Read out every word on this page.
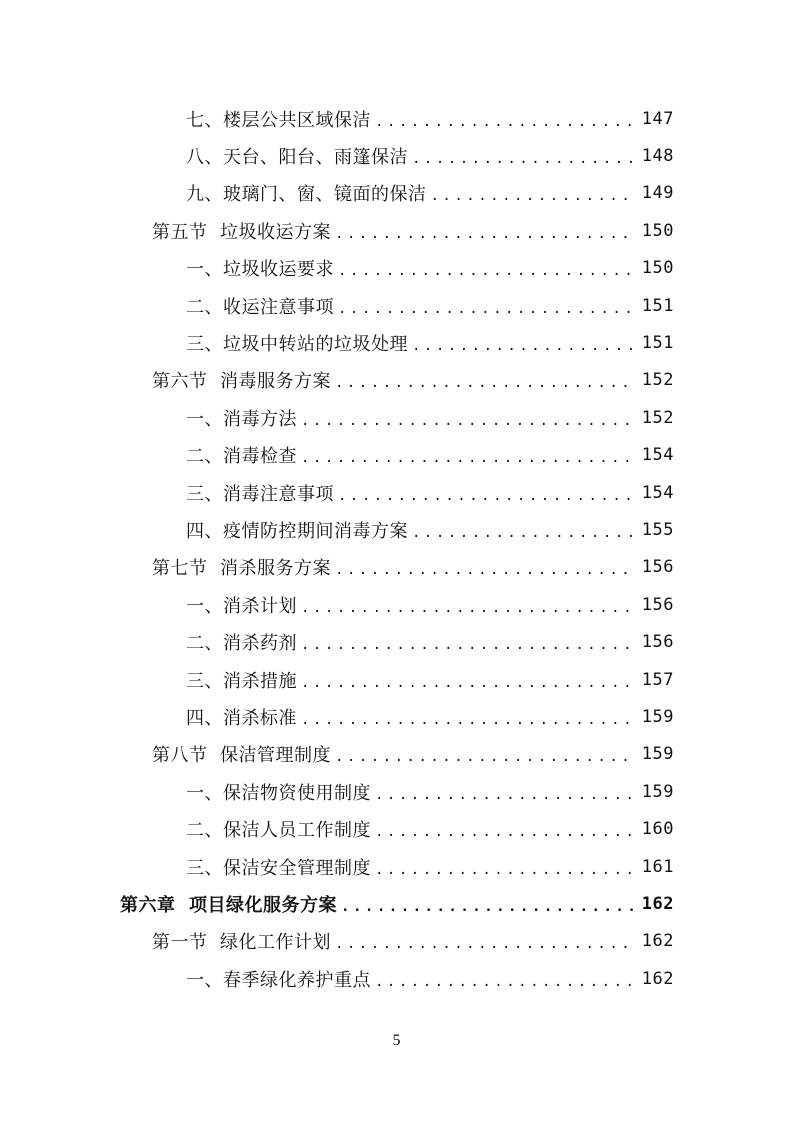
七、楼层公共区域保洁 .....	147
八、天台、阳台、雨篷保洁 .....	148
九、玻璃门、窗、镜面的保洁 .....	149
第五节  垃圾收运方案 .....	150
一、垃圾收运要求 .....	150
二、收运注意事项 .....	151
三、垃圾中转站的垃圾处理 .....	151
第六节  消毒服务方案 .....	152
一、消毒方法 .....	152
二、消毒检查 .....	154
三、消毒注意事项 .....	154
四、疫情防控期间消毒方案 .....	155
第七节  消杀服务方案 .....	156
一、消杀计划 .....	156
二、消杀药剂 .....	156
三、消杀措施 .....	157
四、消杀标准 .....	159
第八节  保洁管理制度 .....	159
一、保洁物资使用制度 .....	159
二、保洁人员工作制度 .....	160
三、保洁安全管理制度 .....	161
第六章  项目绿化服务方案 .....	162
第一节  绿化工作计划 .....	162
一、春季绿化养护重点 .....	162
5
